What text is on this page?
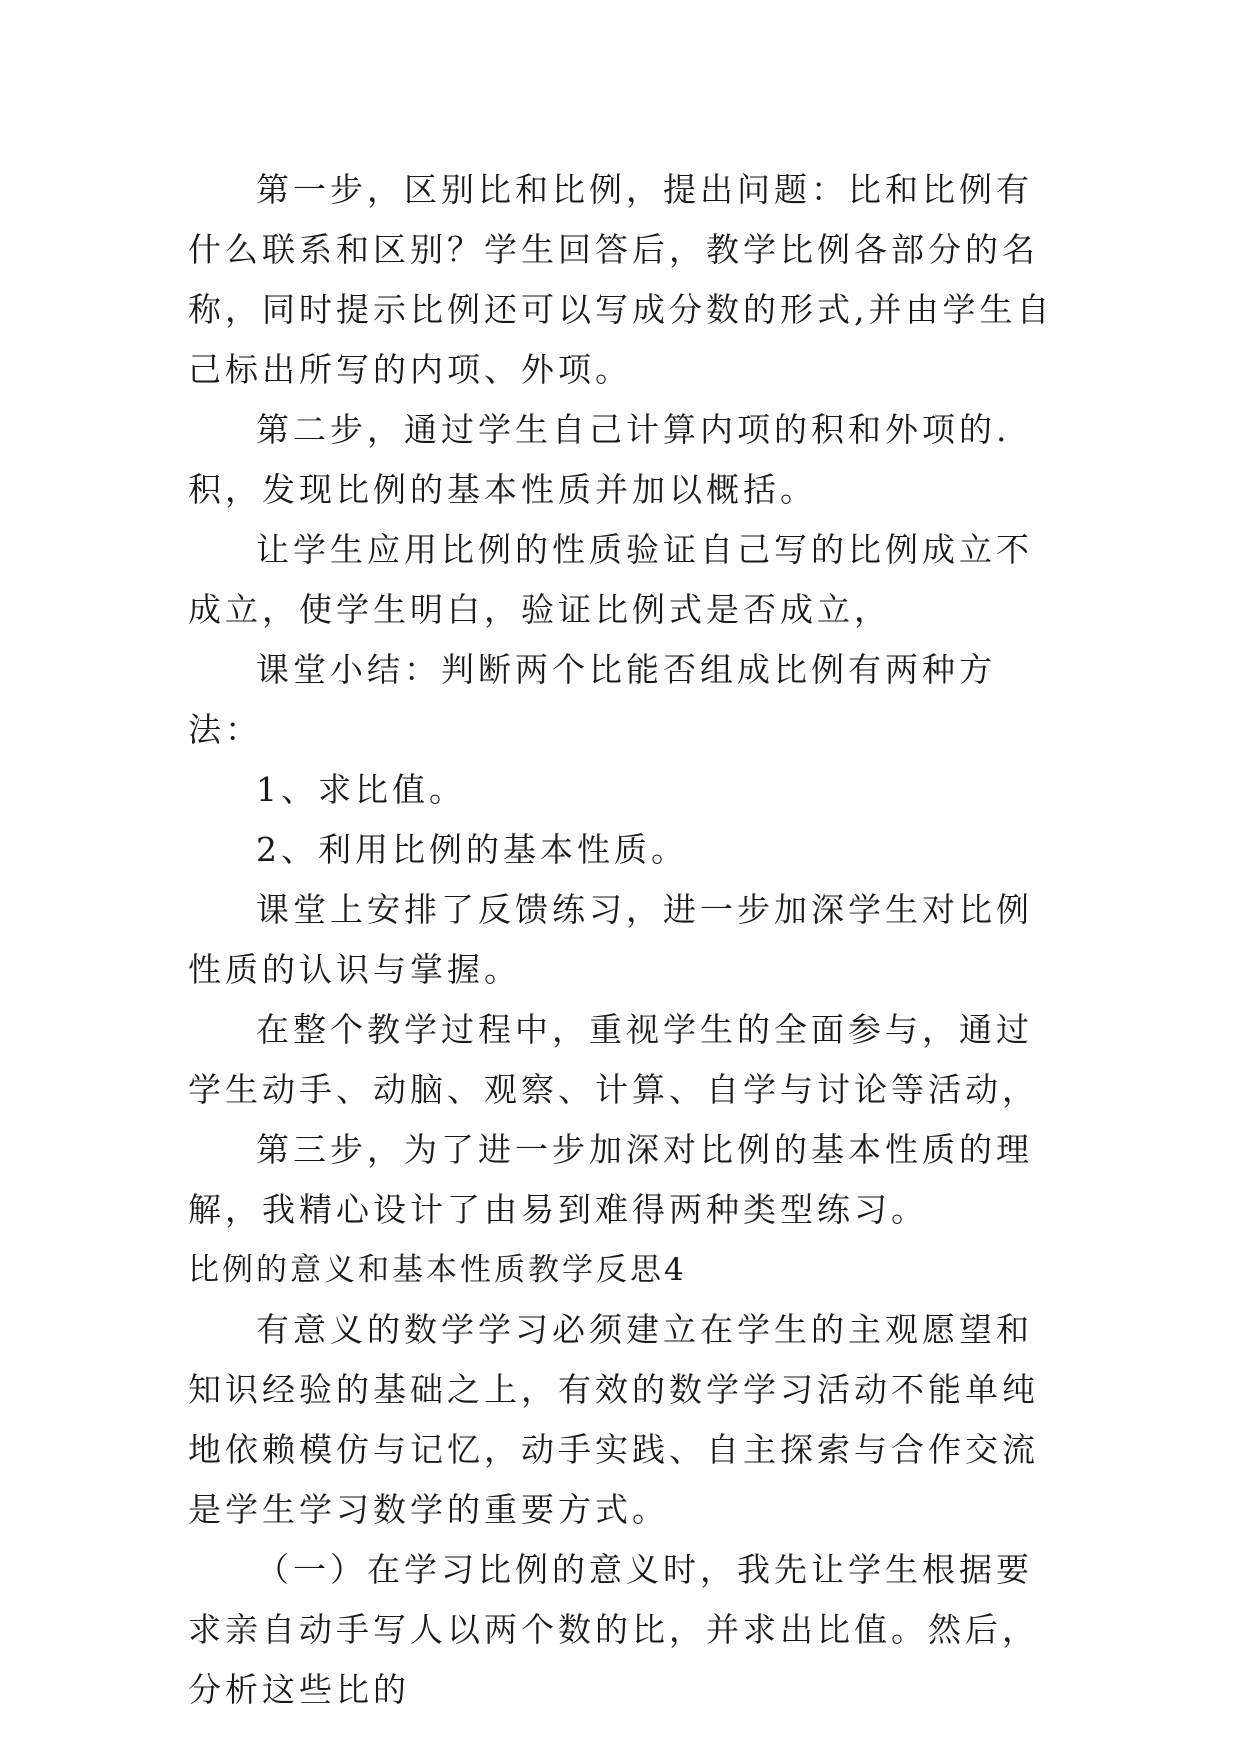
第一步，区别比和比例，提出问题：比和比例有什么联系和区别？学生回答后，教学比例各部分的名称，同时提示比例还可以写成分数的形式,并由学生自己标出所写的内项、外项。

第二步，通过学生自己计算内项的积和外项的.积，发现比例的基本性质并加以概括。

让学生应用比例的性质验证自己写的比例成立不成立，使学生明白，验证比例式是否成立，

课堂小结：判断两个比能否组成比例有两种方法：

1、求比值。

2、利用比例的基本性质。

课堂上安排了反馈练习，进一步加深学生对比例性质的认识与掌握。

在整个教学过程中，重视学生的全面参与，通过学生动手、动脑、观察、计算、自学与讨论等活动，

第三步，为了进一步加深对比例的基本性质的理解，我精心设计了由易到难得两种类型练习。

比例的意义和基本性质教学反思4

有意义的数学学习必须建立在学生的主观愿望和知识经验的基础之上，有效的数学学习活动不能单纯地依赖模仿与记忆，动手实践、自主探索与合作交流是学生学习数学的重要方式。

（一）在学习比例的意义时，我先让学生根据要求亲自动手写人以两个数的比，并求出比值。然后，分析这些比的
